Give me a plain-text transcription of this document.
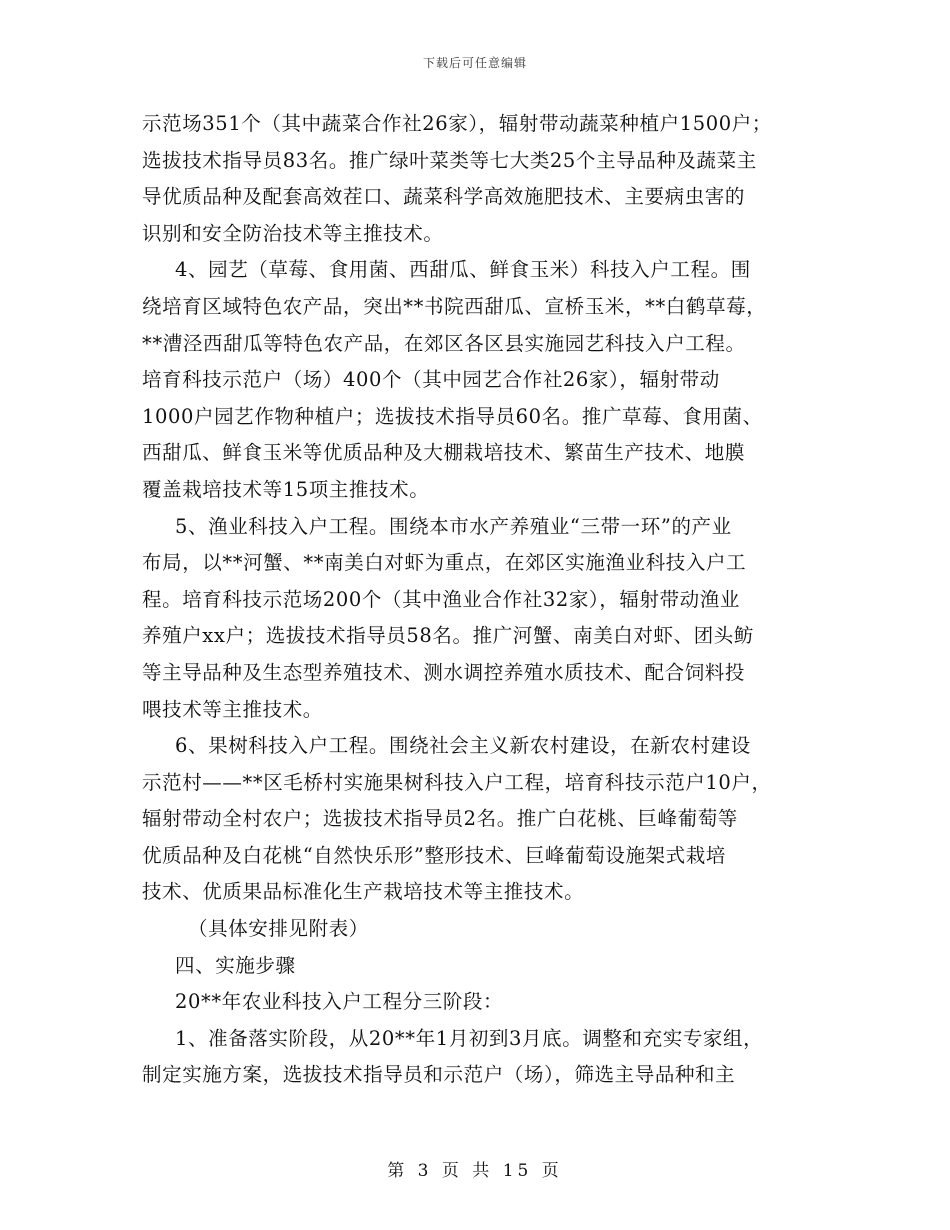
下载后可任意编辑
示范场351个（其中蔬菜合作社26家），辐射带动蔬菜种植户1500户；
选拔技术指导员83名。推广绿叶菜类等七大类25个主导品种及蔬菜主
导优质品种及配套高效茬口、蔬菜科学高效施肥技术、主要病虫害的
识别和安全防治技术等主推技术。
4、园艺（草莓、食用菌、西甜瓜、鲜食玉米）科技入户工程。围
绕培育区域特色农产品，突出**书院西甜瓜、宣桥玉米，**白鹤草莓，
**漕泾西甜瓜等特色农产品，在郊区各区县实施园艺科技入户工程。
培育科技示范户（场）400个（其中园艺合作社26家），辐射带动
1000户园艺作物种植户；选拔技术指导员60名。推广草莓、食用菌、
西甜瓜、鲜食玉米等优质品种及大棚栽培技术、繁苗生产技术、地膜
覆盖栽培技术等15项主推技术。
5、渔业科技入户工程。围绕本市水产养殖业“三带一环”的产业
布局，以**河蟹、**南美白对虾为重点，在郊区实施渔业科技入户工
程。培育科技示范场200个（其中渔业合作社32家），辐射带动渔业
养殖户xx户；选拔技术指导员58名。推广河蟹、南美白对虾、团头鲂
等主导品种及生态型养殖技术、测水调控养殖水质技术、配合饲料投
喂技术等主推技术。
6、果树科技入户工程。围绕社会主义新农村建设，在新农村建设
示范村——**区毛桥村实施果树科技入户工程，培育科技示范户10户，
辐射带动全村农户；选拔技术指导员2名。推广白花桃、巨峰葡萄等
优质品种及白花桃“自然快乐形”整形技术、巨峰葡萄设施架式栽培
技术、优质果品标准化生产栽培技术等主推技术。
（具体安排见附表）
四、实施步骤
20**年农业科技入户工程分三阶段：
1、准备落实阶段，从20**年1月初到3月底。调整和充实专家组，
制定实施方案，选拔技术指导员和示范户（场），筛选主导品种和主
第 3 页 共 15 页
